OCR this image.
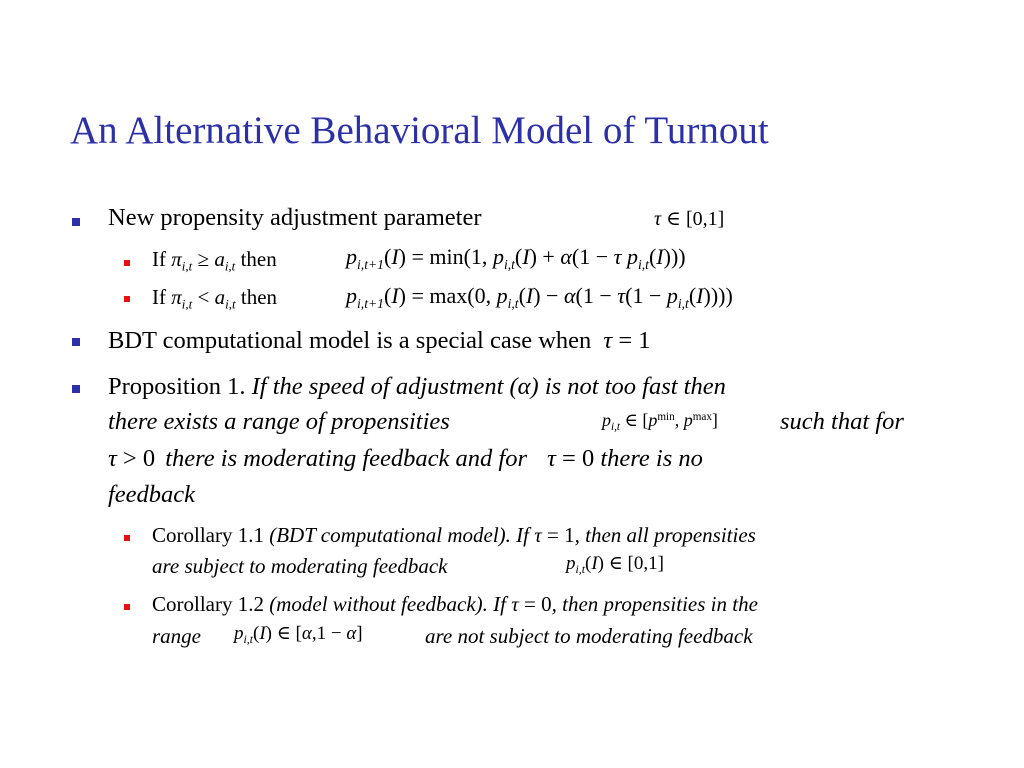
An Alternative Behavioral Model of Turnout
New propensity adjustment parameter	τ ∈ [0,1]
If $\pi_{i,t} \ge a_{i,t}$ then	$p_{i,t+1}(I) = \min(1$, $p_{i,t}(I) + \alpha(1 - \tau$ $p_{i,t}(I)$))
If $\pi_{i,t} < a_{i,t}$ then	$p_{i,t+1}(I) = \max(0$, $p_{i,t}(I) - \alpha(1 - \tau(1 - p_{i,t}(I)))$)
BDT computational model is a special case when τ = 1
Proposition 1. If the speed of adjustment (α) is not too fast then
there exists a range of propensities	$p_{i,t}$ ∈ [$p^{min}$, $p^{max}$]	such that for
τ > 0 there is moderating feedback and for τ = 0 there is no
feedback
Corollary 1.1 (BDT computational model). If τ = 1, then all propensities
are subject to moderating feedback	$p_{i,t}(I)$ ∈ [0,1]
Corollary 1.2 (model without feedback). If τ = 0, then propensities in the
range $p_{i,t}(I)$ ∈ [α,1 − α]	are not subject to moderating feedback
